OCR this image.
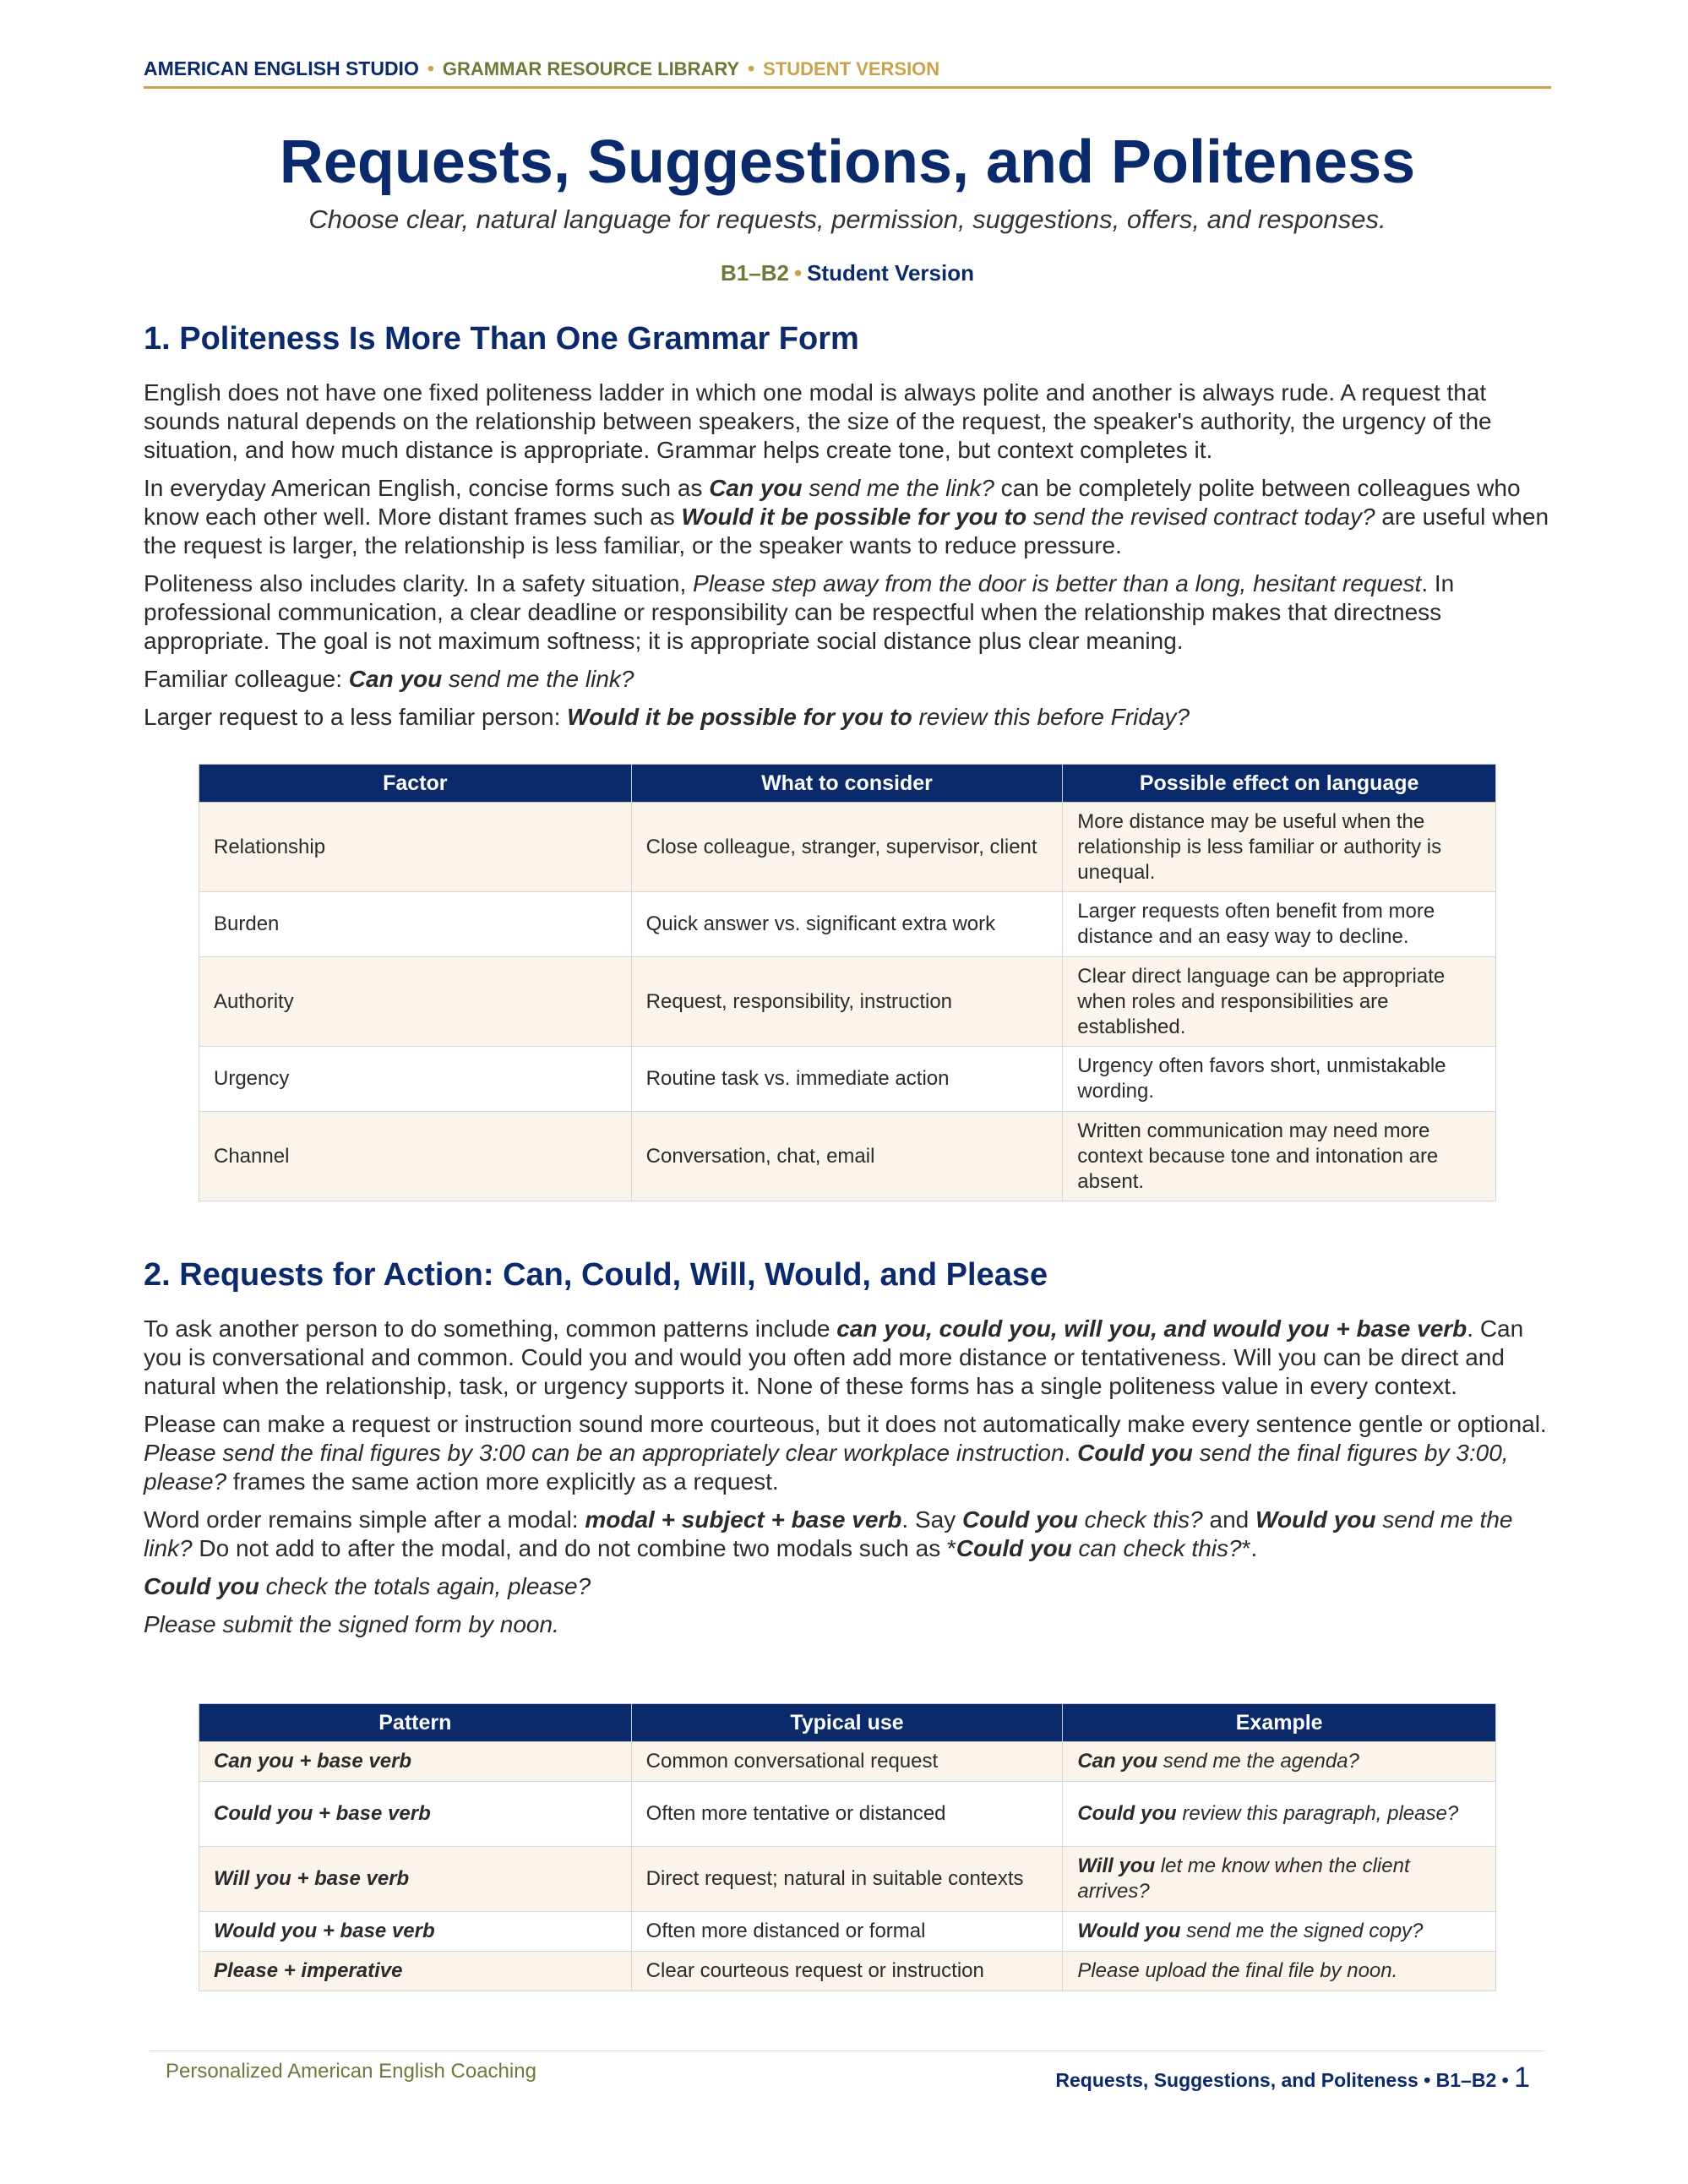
AMERICAN ENGLISH STUDIO • GRAMMAR RESOURCE LIBRARY • STUDENT VERSION
Requests, Suggestions, and Politeness
Choose clear, natural language for requests, permission, suggestions, offers, and responses.
B1–B2 • Student Version
1. Politeness Is More Than One Grammar Form

English does not have one fixed politeness ladder in which one modal is always polite and another is always rude. A request that sounds natural depends on the relationship between speakers, the size of the request, the speaker's authority, the urgency of the situation, and how much distance is appropriate. Grammar helps create tone, but context completes it.

In everyday American English, concise forms such as Can you send me the link? can be completely polite between colleagues who know each other well. More distant frames such as Would it be possible for you to send the revised contract today? are useful when the request is larger, the relationship is less familiar, or the speaker wants to reduce pressure.

Politeness also includes clarity. In a safety situation, Please step away from the door is better than a long, hesitant request. In professional communication, a clear deadline or responsibility can be respectful when the relationship makes that directness appropriate. The goal is not maximum softness; it is appropriate social distance plus clear meaning.

Familiar colleague: Can you send me the link?

Larger request to a less familiar person: Would it be possible for you to review this before Friday?

Factor	What to consider	Possible effect on language
Relationship	Close colleague, stranger, supervisor, client	More distance may be useful when the relationship is less familiar or authority is unequal.
Burden	Quick answer vs. significant extra work	Larger requests often benefit from more distance and an easy way to decline.
Authority	Request, responsibility, instruction	Clear direct language can be appropriate when roles and responsibilities are established.
Urgency	Routine task vs. immediate action	Urgency often favors short, unmistakable wording.
Channel	Conversation, chat, email	Written communication may need more context because tone and intonation are absent.
2. Requests for Action: Can, Could, Will, Would, and Please

To ask another person to do something, common patterns include can you, could you, will you, and would you + base verb. Can you is conversational and common. Could you and would you often add more distance or tentativeness. Will you can be direct and natural when the relationship, task, or urgency supports it. None of these forms has a single politeness value in every context.

Please can make a request or instruction sound more courteous, but it does not automatically make every sentence gentle or optional. Please send the final figures by 3:00 can be an appropriately clear workplace instruction. Could you send the final figures by 3:00, please? frames the same action more explicitly as a request.

Word order remains simple after a modal: modal + subject + base verb. Say Could you check this? and Would you send me the link? Do not add to after the modal, and do not combine two modals such as *Could you can check this?*.

Could you check the totals again, please?

Please submit the signed form by noon.

Pattern	Typical use	Example
Can you + base verb	Common conversational request	Can you send me the agenda?
Could you + base verb	Often more tentative or distanced	Could you review this paragraph, please?
Will you + base verb	Direct request; natural in suitable contexts	Will you let me know when the client arrives?
Would you + base verb	Often more distanced or formal	Would you send me the signed copy?
Please + imperative	Clear courteous request or instruction	Please upload the final file by noon.
Personalized American English Coaching	Requests, Suggestions, and Politeness • B1–B2 • 1
